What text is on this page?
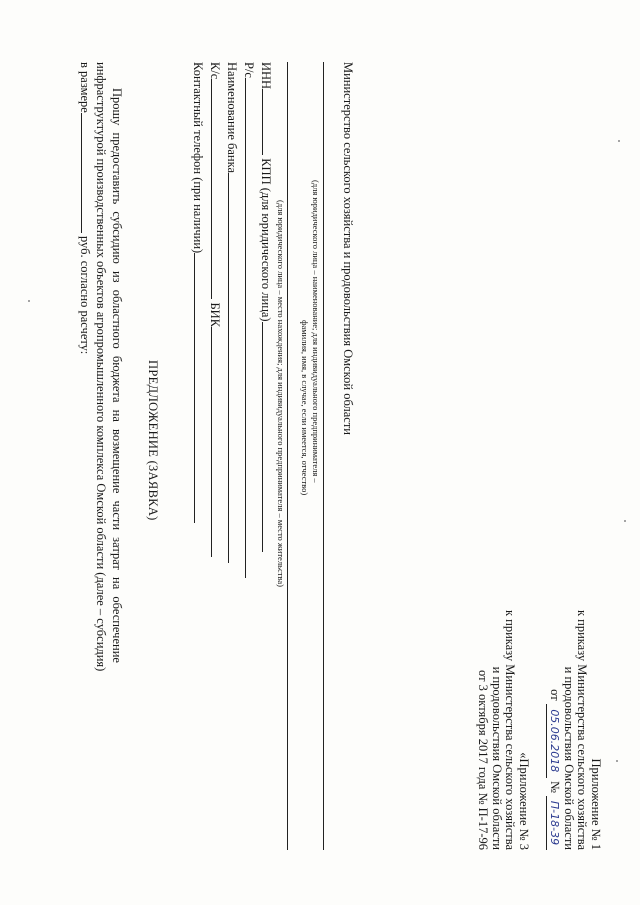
Приложение № 1
к приказу Министерства сельского хозяйства
и продовольствия Омской области
от 05.06.2018 № П-18-39
«Приложение № 3
к приказу Министерства сельского хозяйства
и продовольствия Омской области
от 3 октября 2017 года № П-17-96
Министерство сельского хозяйства и продовольствия Омской области
(для юридического лица – наименование; для индивидуального предпринимателя –
фамилия, имя, в случае, если имеется, отчество)
(для юридического лица – место нахождения; для индивидуального предпринимателя – место жительства)
ИНН КПП (для юридического лица)
Р/с
Наименование банка
К/с БИК
Контактный телефон (при наличии)
ПРЕДЛОЖЕНИЕ (ЗАЯВКА)
Прошу предоставить субсидию из областного бюджета на возмещение части затрат на обеспечение
инфраструктурой производственных объектов агропромышленного комплекса Омской области (далее – субсидия)
в размере руб. согласно расчету:
